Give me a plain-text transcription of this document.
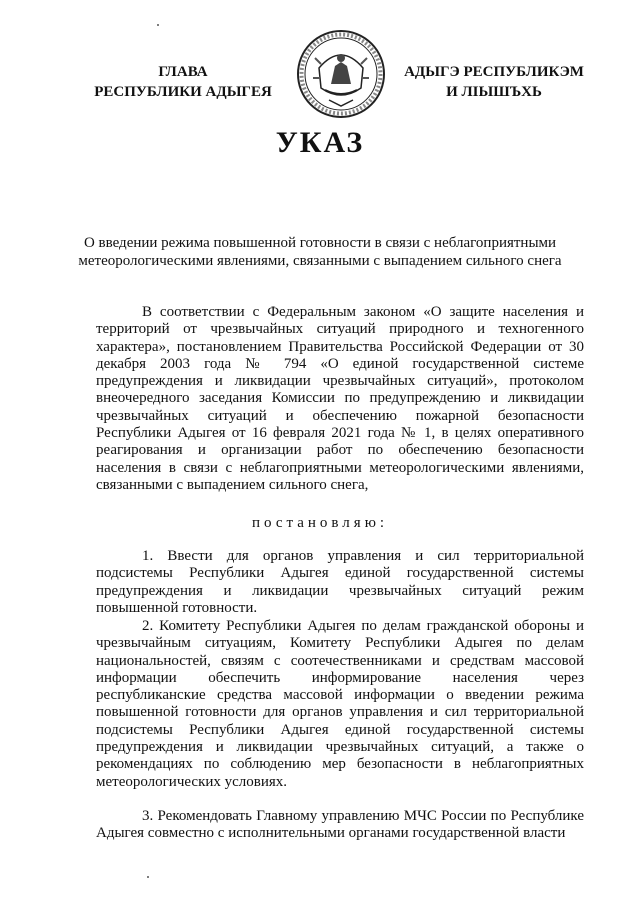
ГЛАВА
РЕСПУБЛИКИ АДЫГЕЯ
АДЫГЭ РЕСПУБЛИКЭМ
И ЛІЫШЪХЬ
УКАЗ
О введении режима повышенной готовности в связи с неблагоприятными метеорологическими явлениями, связанными с выпадением сильного снега
В соответствии с Федеральным законом «О защите населения и территорий от чрезвычайных ситуаций природного и техногенного характера», постановлением Правительства Российской Федерации от 30 декабря 2003 года № 794 «О единой государственной системе предупреждения и ликвидации чрезвычайных ситуаций», протоколом внеочередного заседания Комиссии по предупреждению и ликвидации чрезвычайных ситуаций и обеспечению пожарной безопасности Республики Адыгея от 16 февраля 2021 года № 1, в целях оперативного реагирования и организации работ по обеспечению безопасности населения в связи с неблагоприятными метеорологическими явлениями, связанными с выпадением сильного снега,
постановляю:
1. Ввести для органов управления и сил территориальной подсистемы Республики Адыгея единой государственной системы предупреждения и ликвидации чрезвычайных ситуаций режим повышенной готовности.
2. Комитету Республики Адыгея по делам гражданской обороны и чрезвычайным ситуациям, Комитету Республики Адыгея по делам национальностей, связям с соотечественниками и средствам массовой информации обеспечить информирование населения через республиканские средства массовой информации о введении режима повышенной готовности для органов управления и сил территориальной подсистемы Республики Адыгея единой государственной системы предупреждения и ликвидации чрезвычайных ситуаций, а также о рекомендациях по соблюдению мер безопасности в неблагоприятных метеорологических условиях.
3. Рекомендовать Главному управлению МЧС России по Республике Адыгея совместно с исполнительными органами государственной власти
